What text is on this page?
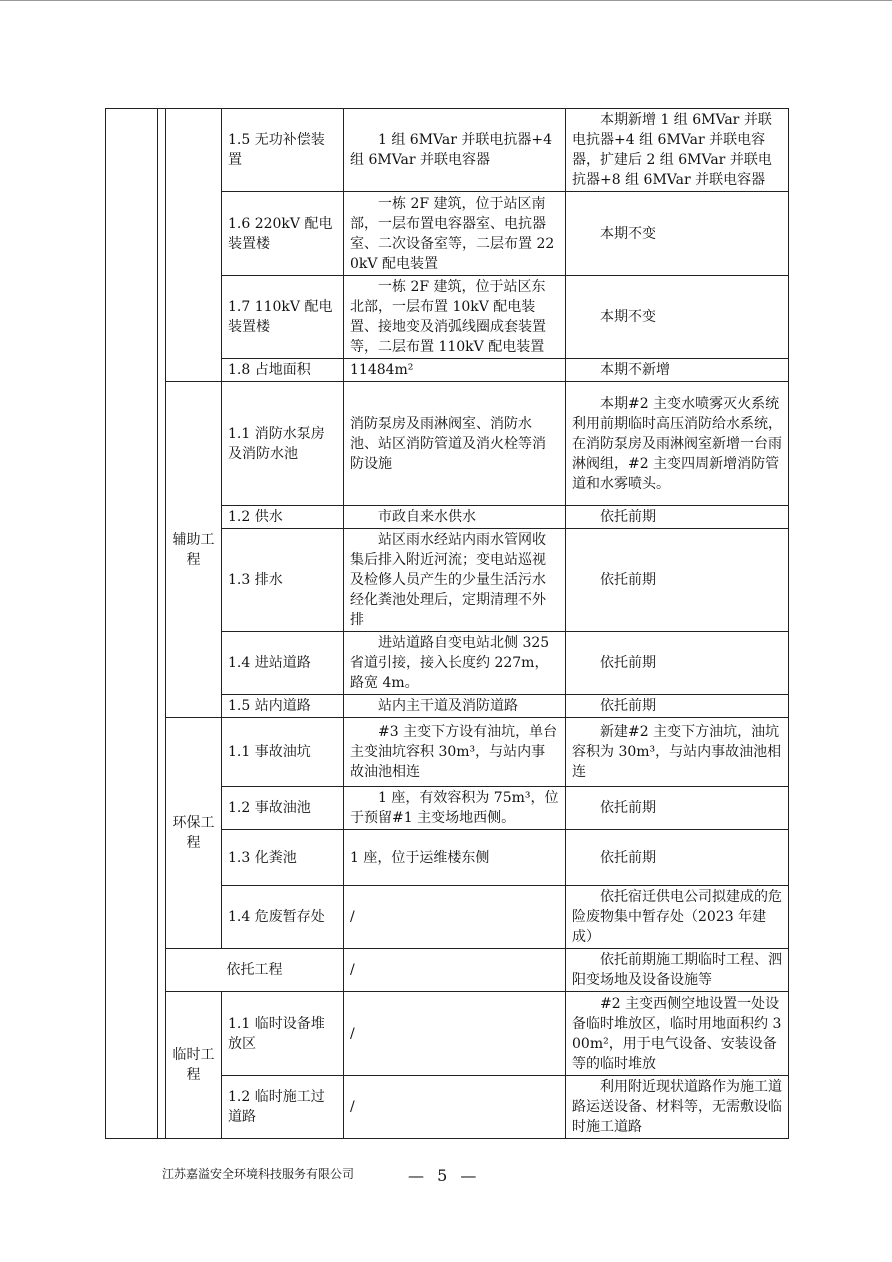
			1.5 无功补偿装置	1 组 6MVar 并联电抗器+4 组 6MVar 并联电容器	本期新增 1 组 6MVar 并联电抗器+4 组 6MVar 并联电容器，扩建后 2 组 6MVar 并联电抗器+8 组 6MVar 并联电容器
			1.6 220kV 配电装置楼	一栋 2F 建筑，位于站区南部，一层布置电容器室、电抗器室、二次设备室等，二层布置 220kV 配电装置	本期不变
			1.7 110kV 配电装置楼	一栋 2F 建筑，位于站区东北部，一层布置 10kV 配电装置、接地变及消弧线圈成套装置等，二层布置 110kV 配电装置	本期不变
			1.8 占地面积	11484m²	本期不新增
		辅助工程	1.1 消防水泵房及消防水池	消防泵房及雨淋阀室、消防水池、站区消防管道及消火栓等消防设施	本期#2 主变水喷雾灭火系统利用前期临时高压消防给水系统，在消防泵房及雨淋阀室新增一台雨淋阀组，#2 主变四周新增消防管道和水雾喷头。
			1.2 供水	市政自来水供水	依托前期
			1.3 排水	站区雨水经站内雨水管网收集后排入附近河流；变电站巡视及检修人员产生的少量生活污水经化粪池处理后，定期清理不外排	依托前期
			1.4 进站道路	进站道路自变电站北侧 325 省道引接，接入长度约 227m，路宽 4m。	依托前期
			1.5 站内道路	站内主干道及消防道路	依托前期
		环保工程	1.1 事故油坑	#3 主变下方设有油坑，单台主变油坑容积 30m³，与站内事故油池相连	新建#2 主变下方油坑，油坑容积为 30m³，与站内事故油池相连
			1.2 事故油池	1 座，有效容积为 75m³，位于预留#1 主变场地西侧。	依托前期
			1.3 化粪池	1 座，位于运维楼东侧	依托前期
			1.4 危废暂存处	/	依托宿迁供电公司拟建成的危险废物集中暂存处（2023 年建成）
		依托工程		/	依托前期施工期临时工程、泗阳变场地及设备设施等
		临时工程	1.1 临时设备堆放区	/	#2 主变西侧空地设置一处设备临时堆放区，临时用地面积约 300m²，用于电气设备、安装设备等的临时堆放
			1.2 临时施工过道路	/	利用附近现状道路作为施工道路运送设备、材料等，无需敷设临时施工道路
江苏嘉溢安全环境科技服务有限公司	— 5 —
